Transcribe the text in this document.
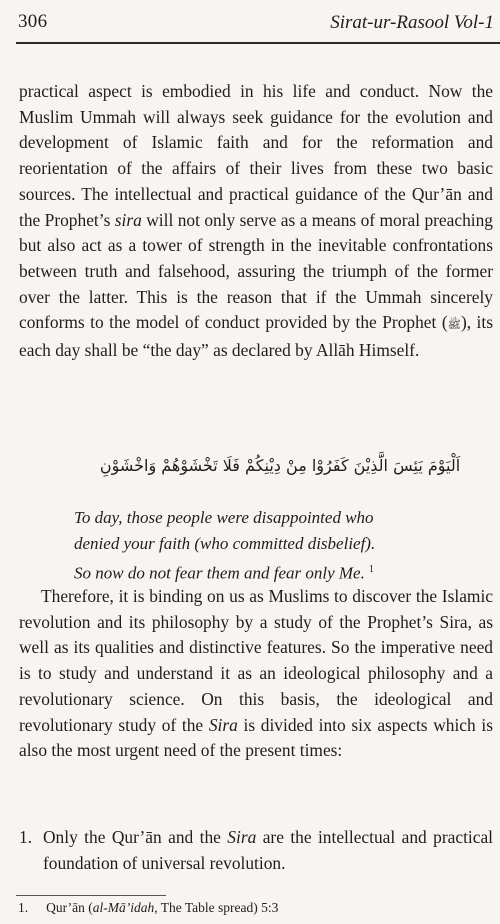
306	Sirat-ur-Rasool Vol-1
practical aspect is embodied in his life and conduct. Now the Muslim Ummah will always seek guidance for the evolution and development of Islamic faith and for the reformation and reorientation of the affairs of their lives from these two basic sources. The intellectual and practical guidance of the Qur’ān and the Prophet’s sira will not only serve as a means of moral preaching but also act as a tower of strength in the inevitable confrontations between truth and falsehood, assuring the triumph of the former over the latter. This is the reason that if the Ummah sincerely conforms to the model of conduct provided by the Prophet (ﷺ), its each day shall be “the day” as declared by Allāh Himself.
اَلْيَوْمَ يَئِسَ الَّذِيْنَ كَفَرُوْا مِنْ دِيْنِكُمْ فَلَا تَخْشَوْهُمْ وَاخْشَوْنِ
To day, those people were disappointed who
denied your faith (who committed disbelief).
So now do not fear them and fear only Me. $^1$
Therefore, it is binding on us as Muslims to discover the Islamic revolution and its philosophy by a study of the Prophet’s Sira, as well as its qualities and distinctive features. So the imperative need is to study and understand it as an ideological philosophy and a revolutionary science. On this basis, the ideological and revolutionary study of the Sira is divided into six aspects which is also the most urgent need of the present times:
1. Only the Qur’ān and the Sira are the intellectual and practical foundation of universal revolution.
1. Qur’ān (al-Mā’idah, The Table spread) 5:3
